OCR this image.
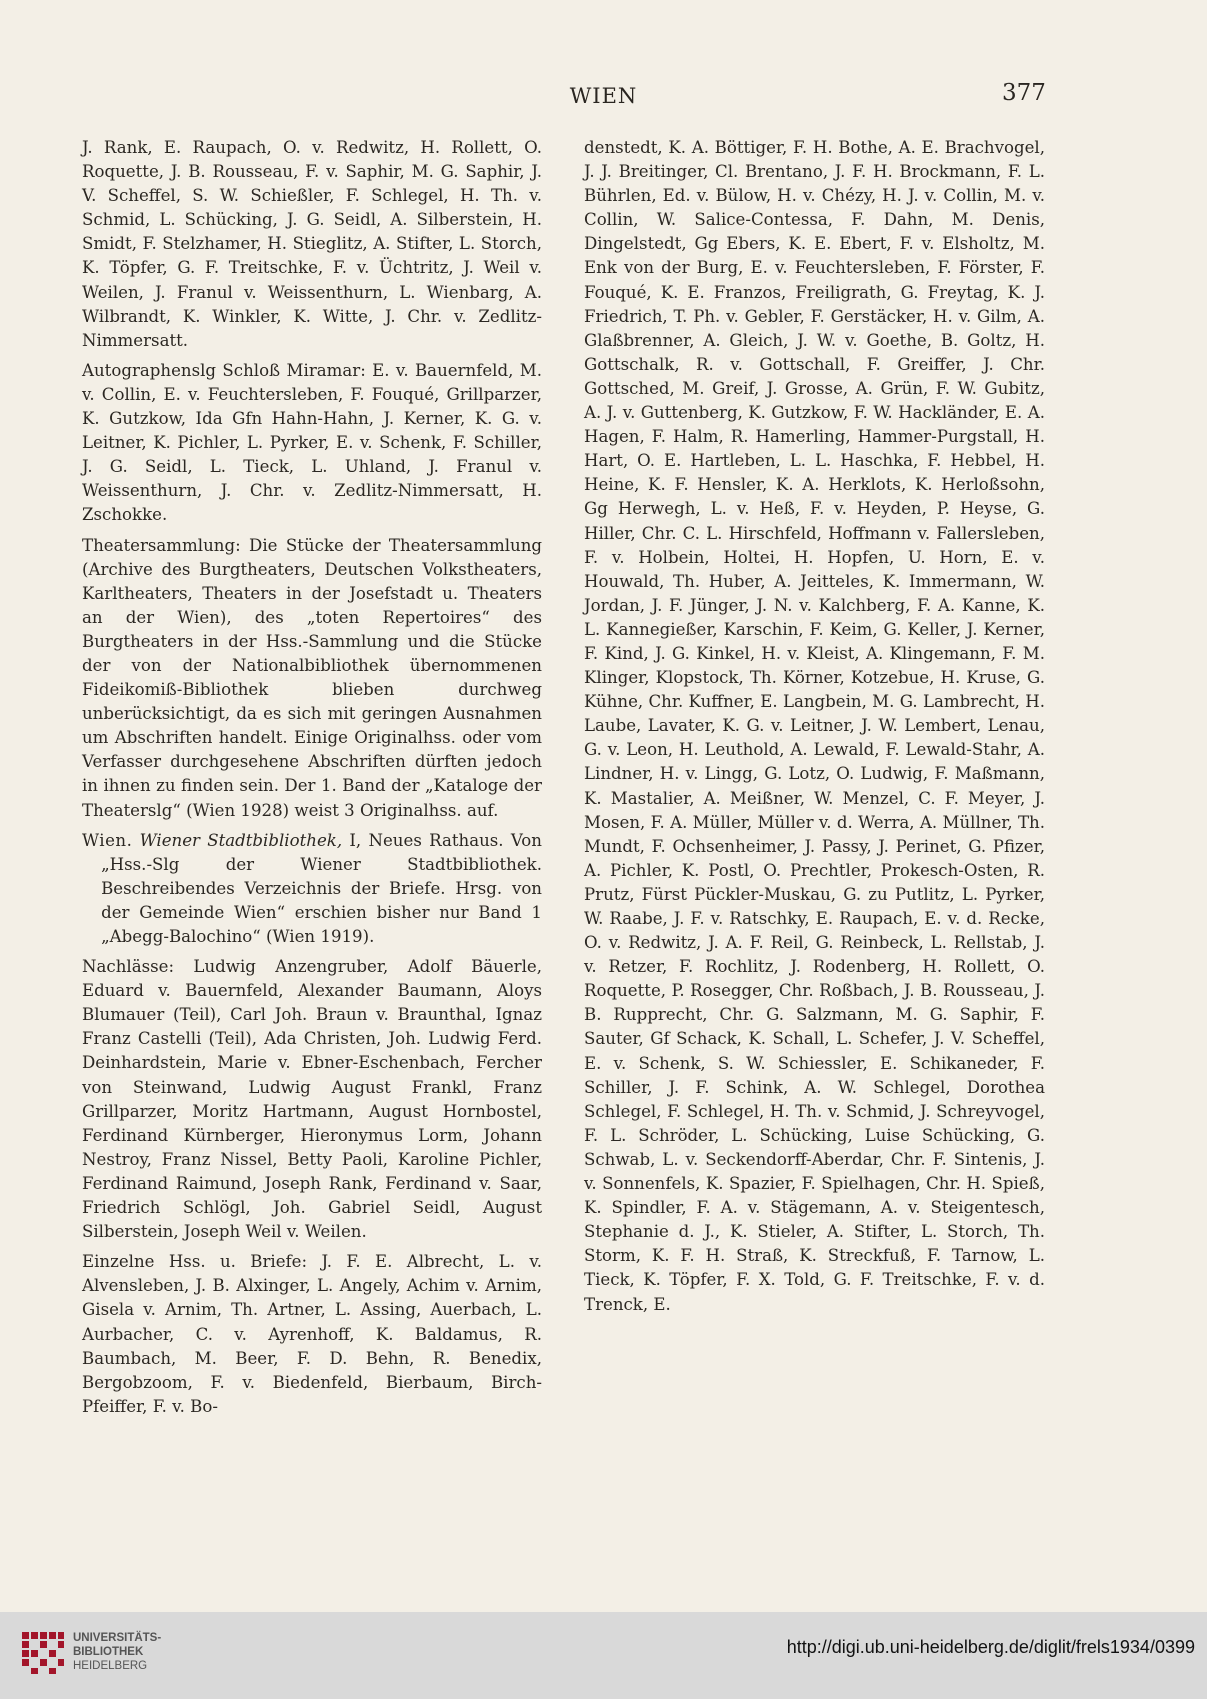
WIEN	377

J. Rank, E. Raupach, O. v. Redwitz, H. Rollett, O. Roquette, J. B. Rousseau, F. v. Saphir, M. G. Saphir, J. V. Scheffel, S. W. Schießler, F. Schlegel, H. Th. v. Schmid, L. Schücking, J. G. Seidl, A. Silberstein, H. Smidt, F. Stelzhamer, H. Stieglitz, A. Stifter, L. Storch, K. Töpfer, G. F. Treitschke, F. v. Üchtritz, J. Weil v. Weilen, J. Franul v. Weissenthurn, L. Wienbarg, A. Wilbrandt, K. Winkler, K. Witte, J. Chr. v. Zedlitz-Nimmersatt.

Autographenslg Schloß Miramar: E. v. Bauernfeld, M. v. Collin, E. v. Feuchtersleben, F. Fouqué, Grillparzer, K. Gutzkow, Ida Gfn Hahn-Hahn, J. Kerner, K. G. v. Leitner, K. Pichler, L. Pyrker, E. v. Schenk, F. Schiller, J. G. Seidl, L. Tieck, L. Uhland, J. Franul v. Weissenthurn, J. Chr. v. Zedlitz-Nimmersatt, H. Zschokke.

Theatersammlung: Die Stücke der Theatersammlung (Archive des Burgtheaters, Deutschen Volkstheaters, Karltheaters, Theaters in der Josefstadt u. Theaters an der Wien), des „toten Repertoires“ des Burgtheaters in der Hss.-Sammlung und die Stücke der von der Nationalbibliothek übernommenen Fideikomiß-Bibliothek blieben durchweg unberücksichtigt, da es sich mit geringen Ausnahmen um Abschriften handelt. Einige Originalhss. oder vom Verfasser durchgesehene Abschriften dürften jedoch in ihnen zu finden sein. Der 1. Band der „Kataloge der Theaterslg“ (Wien 1928) weist 3 Originalhss. auf.

Wien. Wiener Stadtbibliothek, I, Neues Rathaus. Von „Hss.-Slg der Wiener Stadtbibliothek. Beschreibendes Verzeichnis der Briefe. Hrsg. von der Gemeinde Wien“ erschien bisher nur Band 1 „Abegg-Balochino“ (Wien 1919).

Nachlässe: Ludwig Anzengruber, Adolf Bäuerle, Eduard v. Bauernfeld, Alexander Baumann, Aloys Blumauer (Teil), Carl Joh. Braun v. Braunthal, Ignaz Franz Castelli (Teil), Ada Christen, Joh. Ludwig Ferd. Deinhardstein, Marie v. Ebner-Eschenbach, Fercher von Steinwand, Ludwig August Frankl, Franz Grillparzer, Moritz Hartmann, August Hornbostel, Ferdinand Kürnberger, Hieronymus Lorm, Johann Nestroy, Franz Nissel, Betty Paoli, Karoline Pichler, Ferdinand Raimund, Joseph Rank, Ferdinand v. Saar, Friedrich Schlögl, Joh. Gabriel Seidl, August Silberstein, Joseph Weil v. Weilen.

Einzelne Hss. u. Briefe: J. F. E. Albrecht, L. v. Alvensleben, J. B. Alxinger, L. Angely, Achim v. Arnim, Gisela v. Arnim, Th. Artner, L. Assing, Auerbach, L. Aurbacher, C. v. Ayrenhoff, K. Baldamus, R. Baumbach, M. Beer, F. D. Behn, R. Benedix, Bergobzoom, F. v. Biedenfeld, Bierbaum, Birch-Pfeiffer, F. v. Bo-

denstedt, K. A. Böttiger, F. H. Bothe, A. E. Brachvogel, J. J. Breitinger, Cl. Brentano, J. F. H. Brockmann, F. L. Bührlen, Ed. v. Bülow, H. v. Chézy, H. J. v. Collin, M. v. Collin, W. Salice-Contessa, F. Dahn, M. Denis, Dingelstedt, Gg Ebers, K. E. Ebert, F. v. Elsholtz, M. Enk von der Burg, E. v. Feuchtersleben, F. Förster, F. Fouqué, K. E. Franzos, Freiligrath, G. Freytag, K. J. Friedrich, T. Ph. v. Gebler, F. Gerstäcker, H. v. Gilm, A. Glaßbrenner, A. Gleich, J. W. v. Goethe, B. Goltz, H. Gottschalk, R. v. Gottschall, F. Greiffer, J. Chr. Gottsched, M. Greif, J. Grosse, A. Grün, F. W. Gubitz, A. J. v. Guttenberg, K. Gutzkow, F. W. Hackländer, E. A. Hagen, F. Halm, R. Hamerling, Hammer-Purgstall, H. Hart, O. E. Hartleben, L. L. Haschka, F. Hebbel, H. Heine, K. F. Hensler, K. A. Herklots, K. Herloßsohn, Gg Herwegh, L. v. Heß, F. v. Heyden, P. Heyse, G. Hiller, Chr. C. L. Hirschfeld, Hoffmann v. Fallersleben, F. v. Holbein, Holtei, H. Hopfen, U. Horn, E. v. Houwald, Th. Huber, A. Jeitteles, K. Immermann, W. Jordan, J. F. Jünger, J. N. v. Kalchberg, F. A. Kanne, K. L. Kannegießer, Karschin, F. Keim, G. Keller, J. Kerner, F. Kind, J. G. Kinkel, H. v. Kleist, A. Klingemann, F. M. Klinger, Klopstock, Th. Körner, Kotzebue, H. Kruse, G. Kühne, Chr. Kuffner, E. Langbein, M. G. Lambrecht, H. Laube, Lavater, K. G. v. Leitner, J. W. Lembert, Lenau, G. v. Leon, H. Leuthold, A. Lewald, F. Lewald-Stahr, A. Lindner, H. v. Lingg, G. Lotz, O. Ludwig, F. Maßmann, K. Mastalier, A. Meißner, W. Menzel, C. F. Meyer, J. Mosen, F. A. Müller, Müller v. d. Werra, A. Müllner, Th. Mundt, F. Ochsenheimer, J. Passy, J. Perinet, G. Pfizer, A. Pichler, K. Postl, O. Prechtler, Prokesch-Osten, R. Prutz, Fürst Pückler-Muskau, G. zu Putlitz, L. Pyrker, W. Raabe, J. F. v. Ratschky, E. Raupach, E. v. d. Recke, O. v. Redwitz, J. A. F. Reil, G. Reinbeck, L. Rellstab, J. v. Retzer, F. Rochlitz, J. Rodenberg, H. Rollett, O. Roquette, P. Rosegger, Chr. Roßbach, J. B. Rousseau, J. B. Rupprecht, Chr. G. Salzmann, M. G. Saphir, F. Sauter, Gf Schack, K. Schall, L. Schefer, J. V. Scheffel, E. v. Schenk, S. W. Schiessler, E. Schikaneder, F. Schiller, J. F. Schink, A. W. Schlegel, Dorothea Schlegel, F. Schlegel, H. Th. v. Schmid, J. Schreyvogel, F. L. Schröder, L. Schücking, Luise Schücking, G. Schwab, L. v. Seckendorff-Aberdar, Chr. F. Sintenis, J. v. Sonnenfels, K. Spazier, F. Spielhagen, Chr. H. Spieß, K. Spindler, F. A. v. Stägemann, A. v. Steigentesch, Stephanie d. J., K. Stieler, A. Stifter, L. Storch, Th. Storm, K. F. H. Straß, K. Streckfuß, F. Tarnow, L. Tieck, K. Töpfer, F. X. Told, G. F. Treitschke, F. v. d. Trenck, E.

UNIVERSITÄTS-
BIBLIOTHEK
HEIDELBERG
http://digi.ub.uni-heidelberg.de/diglit/frels1934/0399
